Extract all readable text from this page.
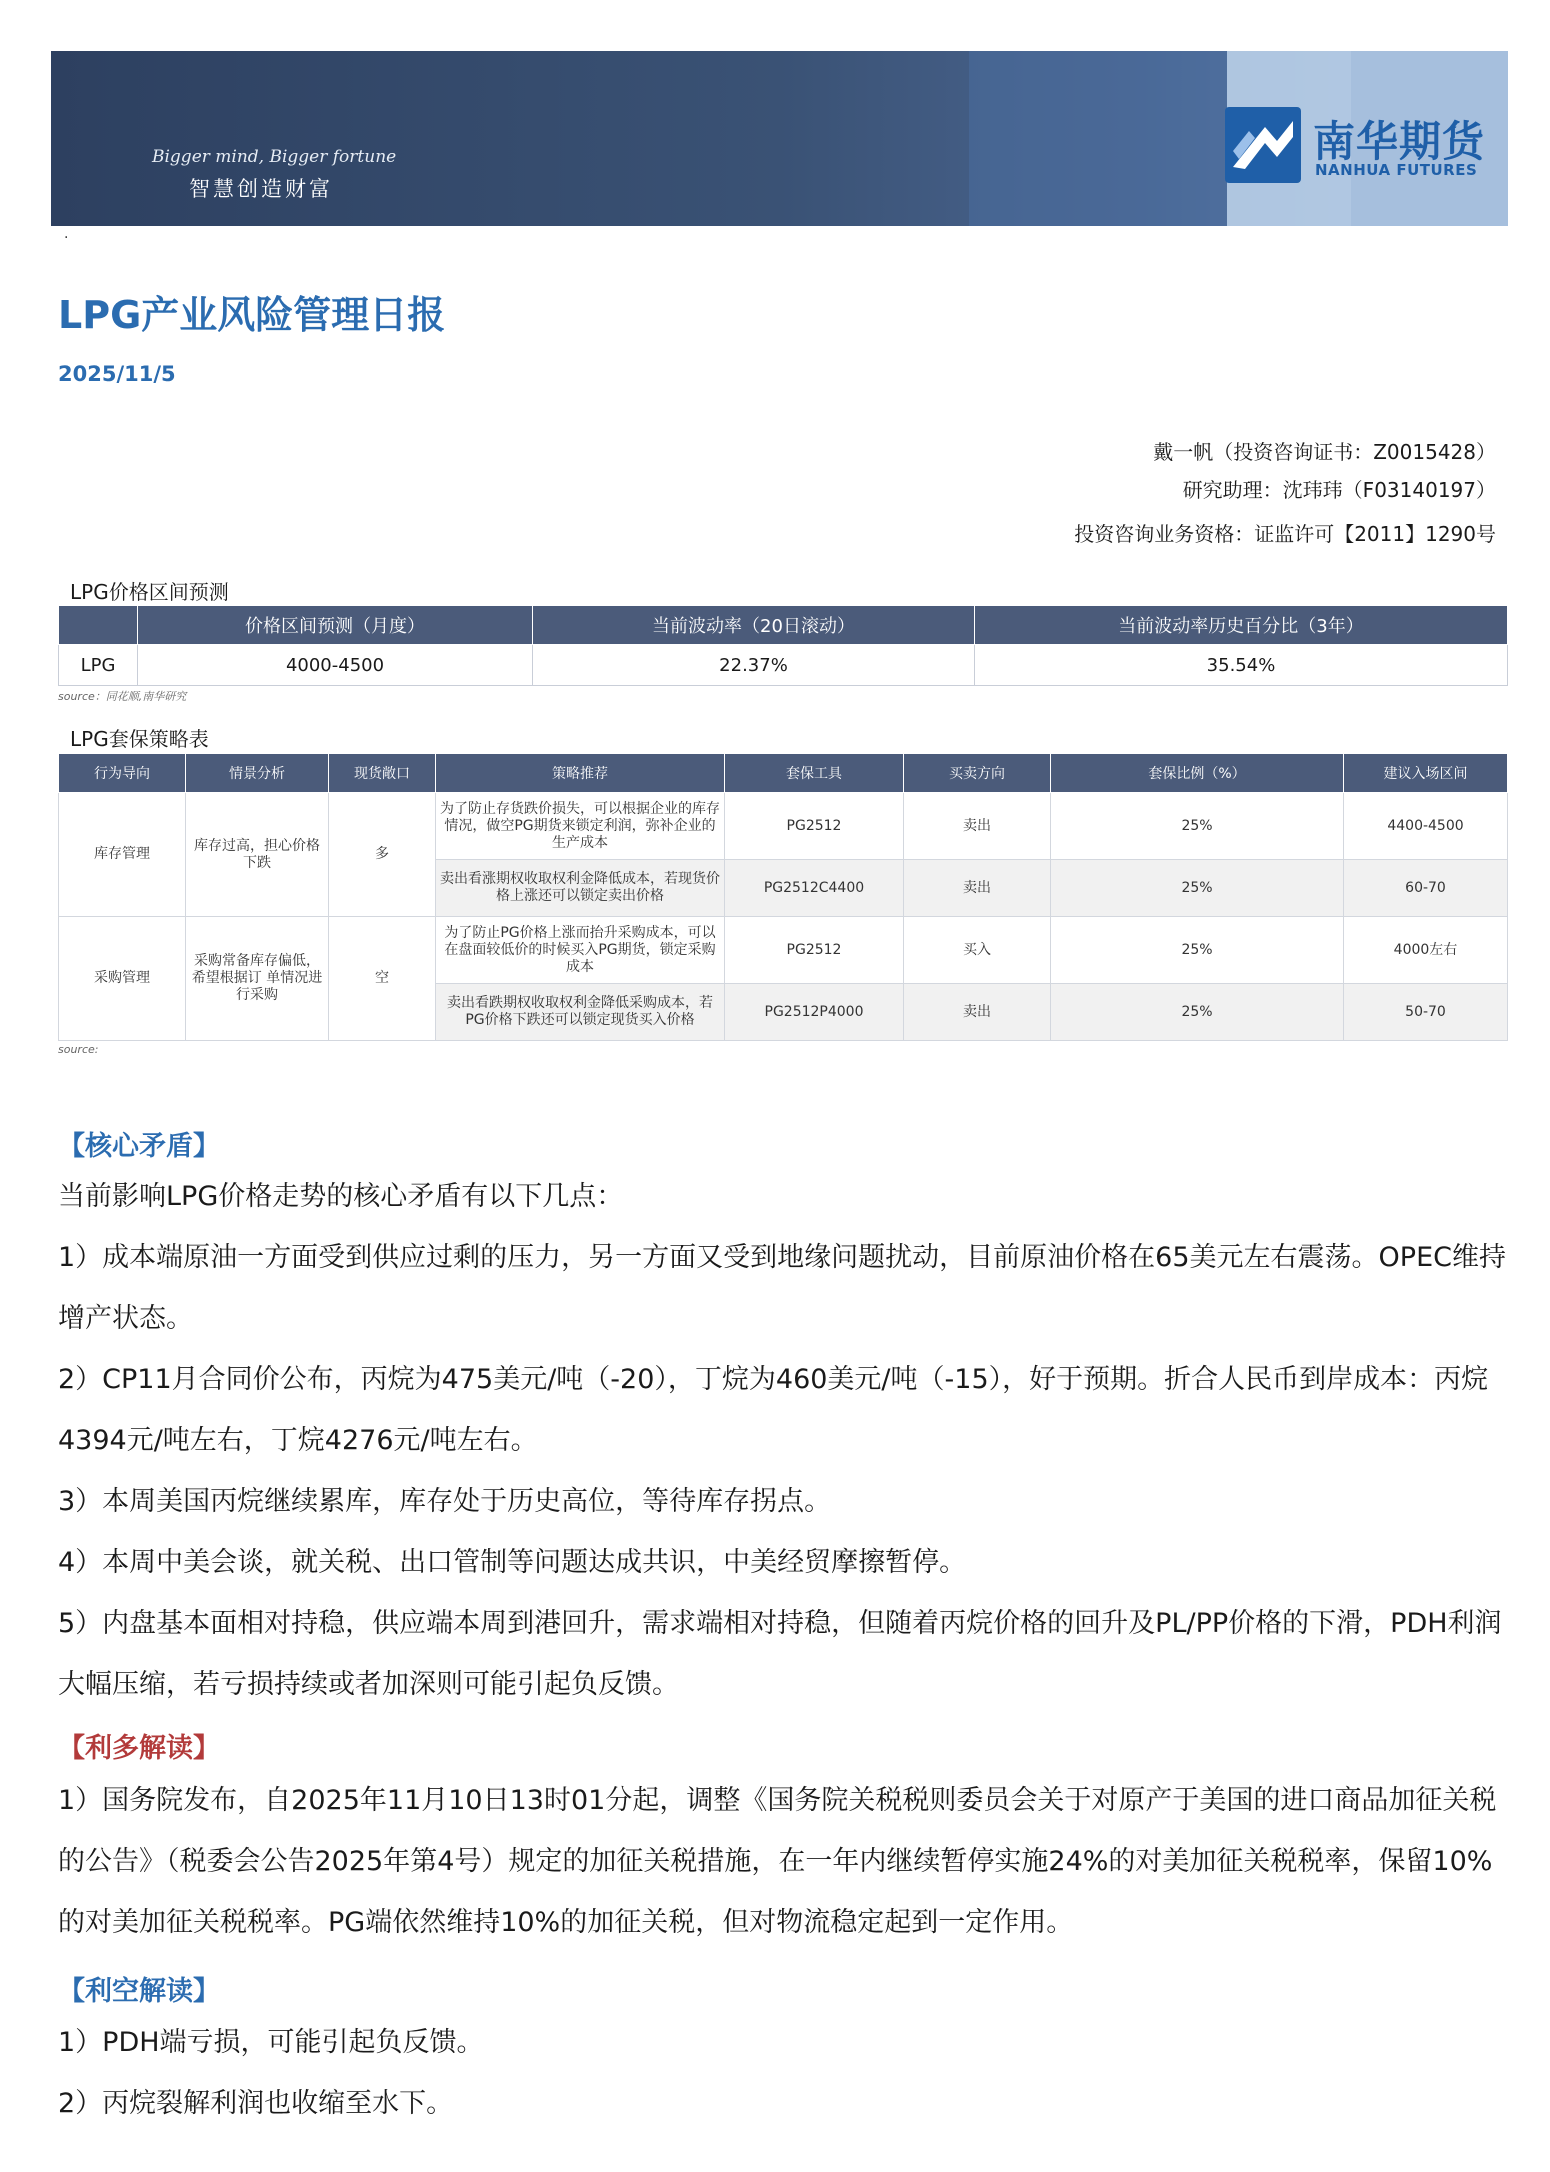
Bigger mind, Bigger fortune
智慧创造财富
南华期货
NANHUA FUTURES
·
LPG产业风险管理日报
2025/11/5
戴一帆（投资咨询证书：Z0015428）
研究助理：沈玮玮（F03140197）
投资咨询业务资格：证监许可【2011】1290号
LPG价格区间预测
	价格区间预测（月度）	当前波动率（20日滚动）	当前波动率历史百分比（3年）
LPG	4000-4500	22.37%	35.54%
source：同花顺,南华研究
LPG套保策略表
行为导向	情景分析	现货敞口	策略推荐	套保工具	买卖方向	套保比例（%）	建议入场区间
库存管理	库存过高，担心价格下跌	多	为了防止存货跌价损失，可以根据企业的库存情况，做空PG期货来锁定利润，弥补企业的生产成本	PG2512	卖出	25%	4400-4500
			卖出看涨期权收取权利金降低成本，若现货价格上涨还可以锁定卖出价格	PG2512C4400	卖出	25%	60-70
采购管理	采购常备库存偏低，希望根据订 单情况进行采购	空	为了防止PG价格上涨而抬升采购成本，可以在盘面较低价的时候买入PG期货，锁定采购成本	PG2512	买入	25%	4000左右
			卖出看跌期权收取权利金降低采购成本，若PG价格下跌还可以锁定现货买入价格	PG2512P4000	卖出	25%	50-70
source:
【核心矛盾】
当前影响LPG价格走势的核心矛盾有以下几点：
1）成本端原油一方面受到供应过剩的压力，另一方面又受到地缘问题扰动，目前原油价格在65美元左右震荡。OPEC维持增产状态。
2）CP11月合同价公布，丙烷为475美元/吨（-20），丁烷为460美元/吨（-15），好于预期。折合人民币到岸成本：丙烷4394元/吨左右，丁烷4276元/吨左右。
3）本周美国丙烷继续累库，库存处于历史高位，等待库存拐点。
4）本周中美会谈，就关税、出口管制等问题达成共识，中美经贸摩擦暂停。
5）内盘基本面相对持稳，供应端本周到港回升，需求端相对持稳，但随着丙烷价格的回升及PL/PP价格的下滑，PDH利润大幅压缩，若亏损持续或者加深则可能引起负反馈。
【利多解读】
1）国务院发布，自2025年11月10日13时01分起，调整《国务院关税税则委员会关于对原产于美国的进口商品加征关税的公告》（税委会公告2025年第4号）规定的加征关税措施，在一年内继续暂停实施24%的对美加征关税税率，保留10%的对美加征关税税率。PG端依然维持10%的加征关税，但对物流稳定起到一定作用。
【利空解读】
1）PDH端亏损，可能引起负反馈。
2）丙烷裂解利润也收缩至水下。
